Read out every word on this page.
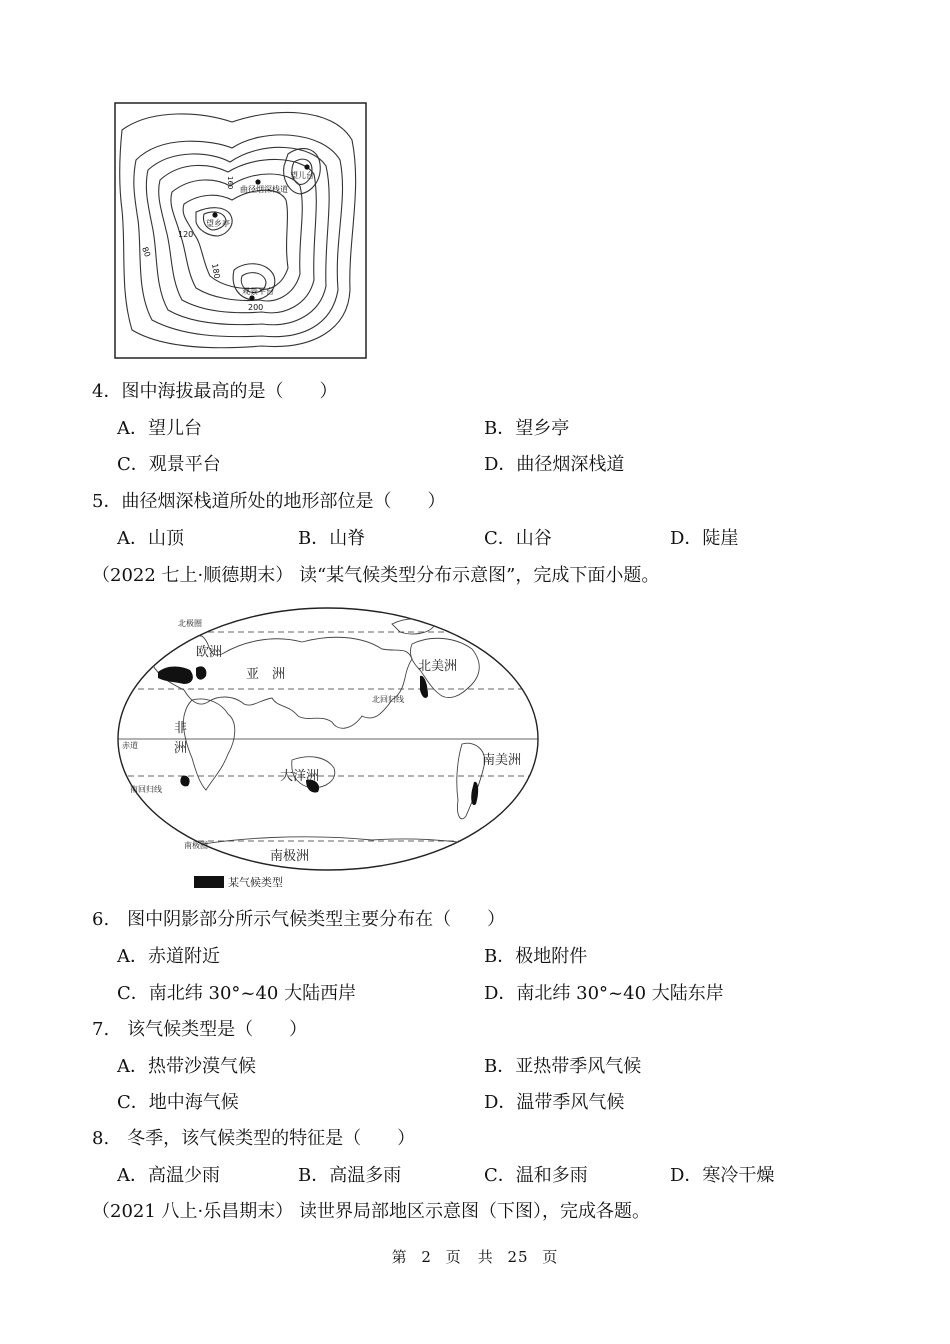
望儿台
曲径烟深栈道
望乡亭
观景平台
120
180
80
200
160
4．图中海拔最高的是（　　）
A．望儿台	B．望乡亭
C．观景平台	D．曲径烟深栈道
5．曲径烟深栈道所处的地形部位是（　　）
A．山顶	B．山脊	C．山谷	D．陡崖
（2022 七上·顺德期末） 读“某气候类型分布示意图”，完成下面小题。
欧洲
亚　洲
北美洲
非
洲
大洋洲
南美洲
南极洲
赤道
北回归线
南回归线
北极圈
南极圈
某气候类型
6.　图中阴影部分所示气候类型主要分布在（　　）
A．赤道附近	B．极地附件
C．南北纬 30°~40 大陆西岸	D．南北纬 30°~40 大陆东岸
7.　该气候类型是（　　）
A．热带沙漠气候	B．亚热带季风气候
C．地中海气候	D．温带季风气候
8.　冬季，该气候类型的特征是（　　）
A．高温少雨	B．高温多雨	C．温和多雨	D．寒冷干燥
（2021 八上·乐昌期末） 读世界局部地区示意图（下图），完成各题。
第 2 页　共 25 页
